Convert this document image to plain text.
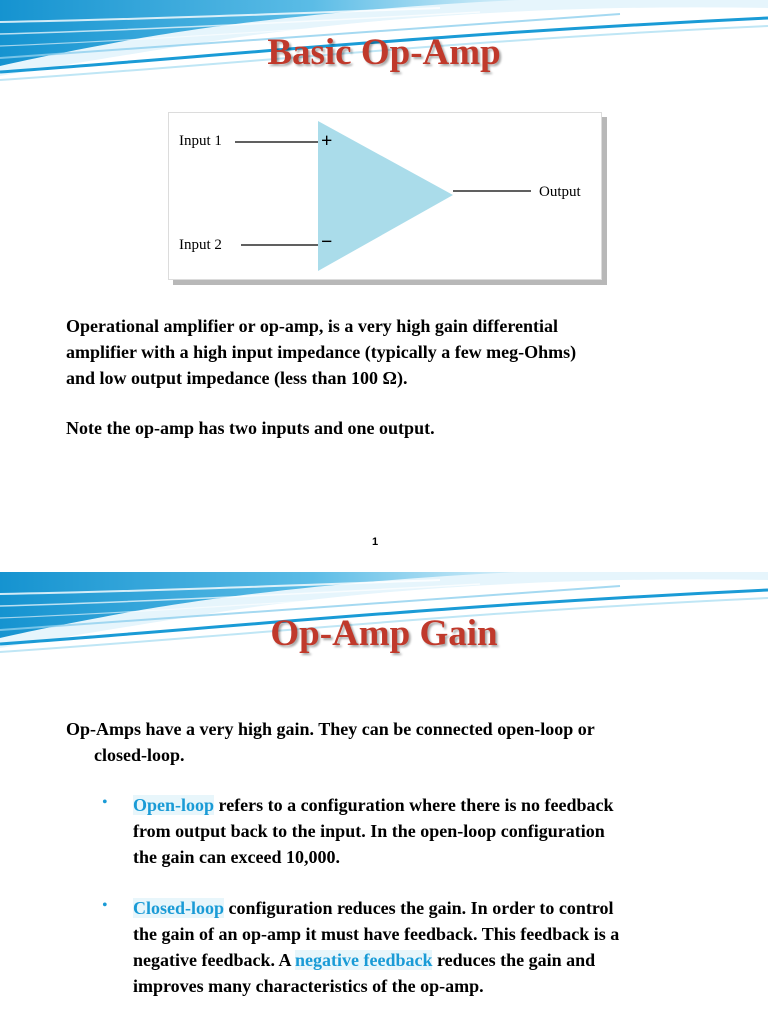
Basic Op-Amp
Input 1
Input 2
Output
+
−
Operational amplifier or op-amp, is a very high gain differential
amplifier with a high input impedance (typically a few meg-Ohms)
and low output impedance (less than 100 Ω).
Note the op-amp has two inputs and one output.
1
Op-Amp Gain
Op-Amps have a very high gain. They can be connected open-loop or
closed-loop.
• Open-loop refers to a configuration where there is no feedback
from output back to the input. In the open-loop configuration
the gain can exceed 10,000.
• Closed-loop configuration reduces the gain. In order to control
the gain of an op-amp it must have feedback. This feedback is a
negative feedback. A negative feedback reduces the gain and
improves many characteristics of the op-amp.
